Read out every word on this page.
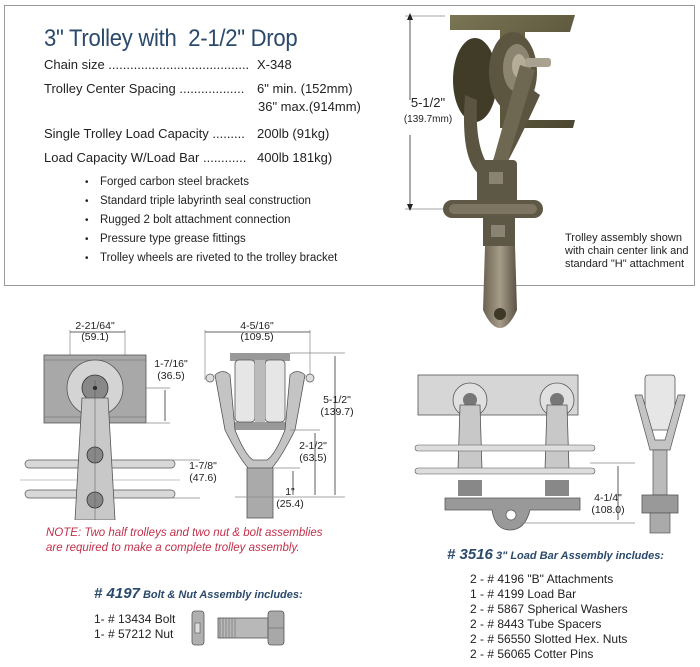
3" Trolley with  2-1/2" Drop
Chain size ....................................... X-348
Trolley Center Spacing .................. 6" min. (152mm)
36" max.(914mm)
Single Trolley Load Capacity ......... 200lb (91kg)
Load Capacity W/Load Bar ............ 400lb 181kg)
• Forged carbon steel brackets
• Standard triple labyrinth seal construction
• Rugged 2 bolt attachment connection
• Pressure type grease fittings
• Trolley wheels are riveted to the trolley bracket
5-1/2"
(139.7mm)
Trolley assembly shown
with chain center link and
standard "H" attachment
2-21/64"
(59.1)
1-7/16"
(36.5)
1-7/8"
(47.6)
4-5/16"
(109.5)
5-1/2"
(139.7)
2-1/2"
(63.5)
1"
(25.4)
NOTE: Two half trolleys and two nut & bolt assemblies
are required to make a complete trolley assembly.
# 4197 Bolt & Nut Assembly includes:
1- # 13434 Bolt
1- # 57212 Nut
4-1/4"
(108.0)
# 3516 3" Load Bar Assembly includes:
2 - # 4196 "B" Attachments
1 - # 4199 Load Bar
2 - # 5867 Spherical Washers
2 - # 8443 Tube Spacers
2 - # 56550 Slotted Hex. Nuts
2 - # 56065 Cotter Pins
